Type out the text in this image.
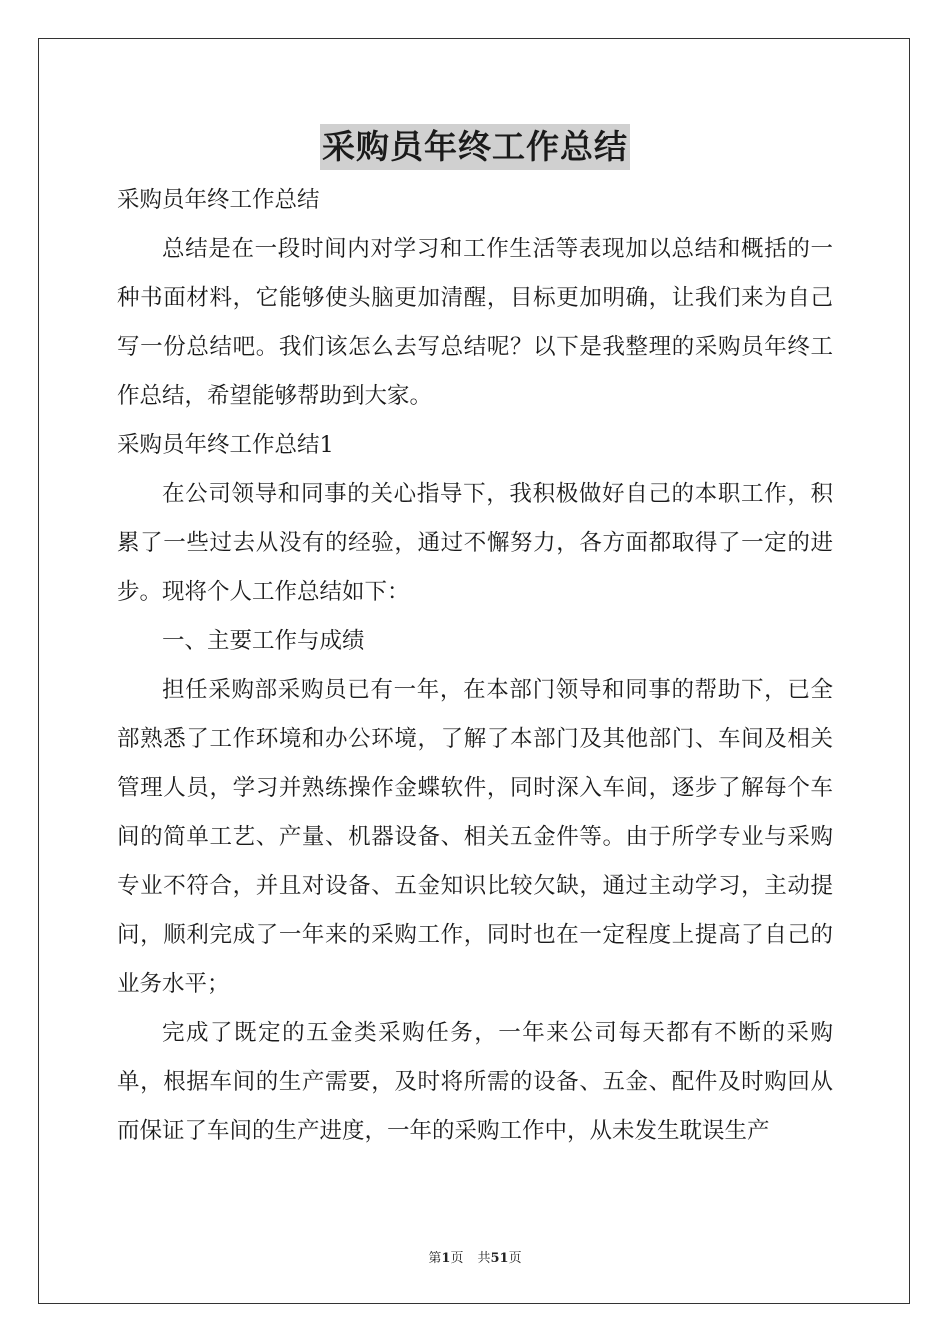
采购员年终工作总结

采购员年终工作总结

总结是在一段时间内对学习和工作生活等表现加以总结和概括的一种书面材料，它能够使头脑更加清醒，目标更加明确，让我们来为自己写一份总结吧。我们该怎么去写总结呢？以下是我整理的采购员年终工作总结，希望能够帮助到大家。

采购员年终工作总结1

在公司领导和同事的关心指导下，我积极做好自己的本职工作，积累了一些过去从没有的经验，通过不懈努力，各方面都取得了一定的进步。现将个人工作总结如下：

一、主要工作与成绩

担任采购部采购员已有一年，在本部门领导和同事的帮助下，已全部熟悉了工作环境和办公环境，了解了本部门及其他部门、车间及相关管理人员，学习并熟练操作金蝶软件，同时深入车间，逐步了解每个车间的简单工艺、产量、机器设备、相关五金件等。由于所学专业与采购专业不符合，并且对设备、五金知识比较欠缺，通过主动学习，主动提问，顺利完成了一年来的采购工作，同时也在一定程度上提高了自己的业务水平；

完成了既定的五金类采购任务，一年来公司每天都有不断的采购单，根据车间的生产需要，及时将所需的设备、五金、配件及时购回从而保证了车间的生产进度，一年的采购工作中，从未发生耽误生产

第1页 共51页
